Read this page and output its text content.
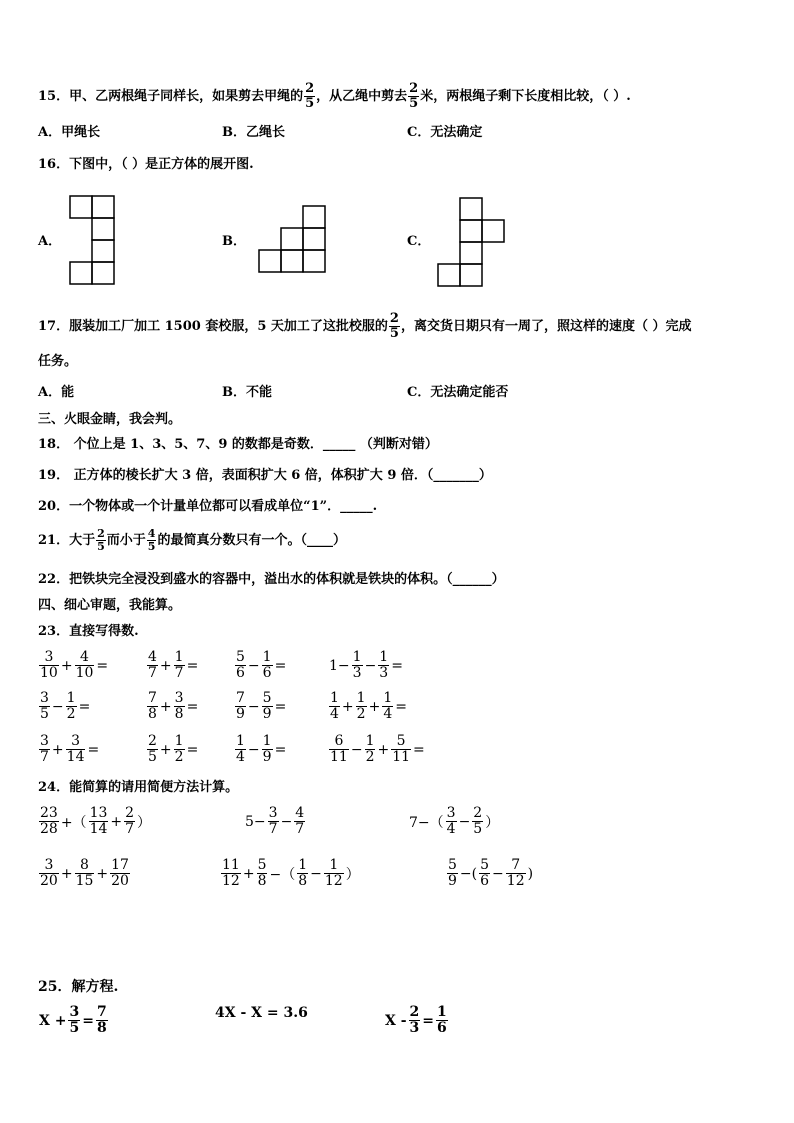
15． 甲、乙两根绳子同样长，如果剪去甲绳的 $\frac{2}{5}$ ，从乙绳中剪去 $\frac{2}{5}$ 米，两根绳子剩下长度相比较，（ ）.
A．甲绳长	B．乙绳长	C．无法确定
16．下图中，（ ）是正方体的展开图.
A．	B．	C．
17． 服装加工厂加工 1500 套校服，5 天加工了这批校服的 $\frac{2}{5}$ ，离交货日期只有一周了，照这样的速度（ ）完成
任务。
A．能	B．不能	C．无法确定能否
三、火眼金睛，我会判。
18． 个位上是 1、3、5、7、9 的数都是奇数．_____ （判断对错）
19． 正方体的棱长扩大 3 倍，表面积扩大 6 倍，体积扩大 9 倍．（_______）
20．一个物体或一个计量单位都可以看成单位“1”．_____.
21． 大于 $\frac{2}{5}$ 而小于 $\frac{4}{5}$ 的最简真分数只有一个。（____）
22．把铁块完全浸没到盛水的容器中，溢出水的体积就是铁块的体积。（______）
四、细心审题，我能算。
23．直接写得数.
$\frac{3}{10} + \frac{4}{10}$ =	$\frac{4}{7} + \frac{1}{7}$ =	$\frac{5}{6} - \frac{1}{6}$ =	$1- \frac{1}{3} - \frac{1}{3}$ =
$\frac{3}{5} - \frac{1}{2}$ =	$\frac{7}{8} + \frac{3}{8}$ =	$\frac{7}{9} - \frac{5}{9}$ =	$\frac{1}{4} + \frac{1}{2} + \frac{1}{4}$ =
$\frac{3}{7} + \frac{3}{14}$ =	$\frac{2}{5} + \frac{1}{2}$ =	$\frac{1}{4} - \frac{1}{9}$ =	$\frac{6}{11} - \frac{1}{2} + \frac{5}{11}$ =
24．能简算的请用简便方法计算。
$\frac{23}{28}$ +（ $\frac{13}{14} + \frac{2}{7}$ ）	$5- \frac{3}{7} - \frac{4}{7}$	$7-( \frac{3}{4} - \frac{2}{5}$ ）
$\frac{3}{20} + \frac{8}{15} + \frac{17}{20}$	$\frac{11}{12} + \frac{5}{8}$ −（ $\frac{1}{8} - \frac{1}{12}$ ）	$\frac{5}{9}$ −( $\frac{5}{6} - \frac{7}{12}$ )
25．解方程.
$X + \frac{3}{5} = \frac{7}{8}$	4X - X = 3.6	$X - \frac{2}{3} = \frac{1}{6}$
